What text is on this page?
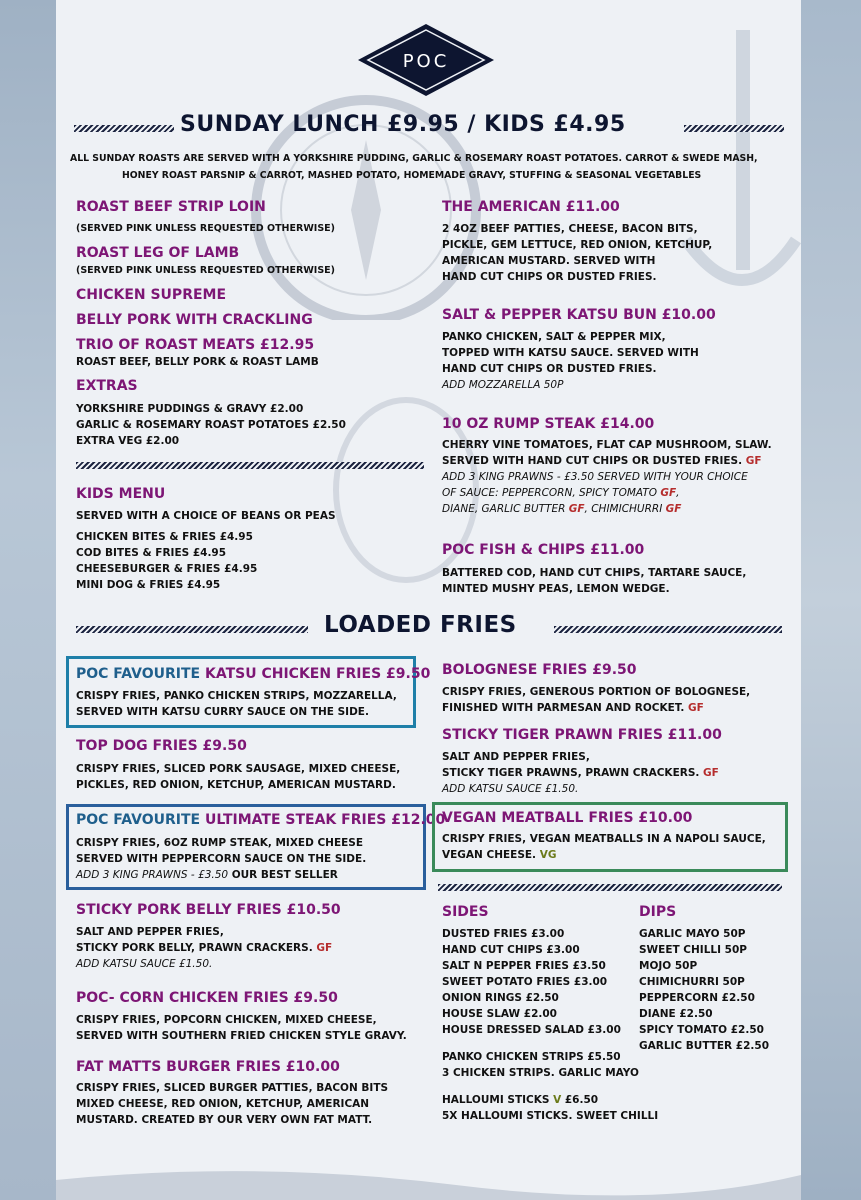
POC
SUNDAY LUNCH £9.95 / KIDS £4.95
ALL SUNDAY ROASTS ARE SERVED WITH A YORKSHIRE PUDDING, GARLIC & ROSEMARY ROAST POTATOES. CARROT & SWEDE MASH,
HONEY ROAST PARSNIP & CARROT, MASHED POTATO, HOMEMADE GRAVY, STUFFING & SEASONAL VEGETABLES
ROAST BEEF STRIP LOIN
(SERVED PINK UNLESS REQUESTED OTHERWISE)
ROAST LEG OF LAMB
(SERVED PINK UNLESS REQUESTED OTHERWISE)
CHICKEN SUPREME
BELLY PORK WITH CRACKLING
TRIO OF ROAST MEATS £12.95
ROAST BEEF, BELLY PORK & ROAST LAMB
EXTRAS
YORKSHIRE PUDDINGS & GRAVY £2.00
GARLIC & ROSEMARY ROAST POTATOES £2.50
EXTRA VEG £2.00
KIDS MENU
SERVED WITH A CHOICE OF BEANS OR PEAS
CHICKEN BITES & FRIES £4.95
COD BITES & FRIES £4.95
CHEESEBURGER & FRIES £4.95
MINI DOG & FRIES £4.95
THE AMERICAN £11.00
2 4OZ BEEF PATTIES, CHEESE, BACON BITS,
PICKLE, GEM LETTUCE, RED ONION, KETCHUP,
AMERICAN MUSTARD. SERVED WITH
HAND CUT CHIPS OR DUSTED FRIES.
SALT & PEPPER KATSU BUN £10.00
PANKO CHICKEN, SALT & PEPPER MIX,
TOPPED WITH KATSU SAUCE. SERVED WITH
HAND CUT CHIPS OR DUSTED FRIES.
ADD MOZZARELLA 50P
10 OZ RUMP STEAK £14.00
CHERRY VINE TOMATOES, FLAT CAP MUSHROOM, SLAW.
SERVED WITH HAND CUT CHIPS OR DUSTED FRIES. GF
ADD 3 KING PRAWNS - £3.50 SERVED WITH YOUR CHOICE
OF SAUCE: PEPPERCORN, SPICY TOMATO GF,
DIANE, GARLIC BUTTER GF, CHIMICHURRI GF
POC FISH & CHIPS £11.00
BATTERED COD, HAND CUT CHIPS, TARTARE SAUCE,
MINTED MUSHY PEAS, LEMON WEDGE.
LOADED FRIES
POC FAVOURITE KATSU CHICKEN FRIES £9.50
CRISPY FRIES, PANKO CHICKEN STRIPS, MOZZARELLA,
SERVED WITH KATSU CURRY SAUCE ON THE SIDE.
TOP DOG FRIES £9.50
CRISPY FRIES, SLICED PORK SAUSAGE, MIXED CHEESE,
PICKLES, RED ONION, KETCHUP, AMERICAN MUSTARD.
POC FAVOURITE ULTIMATE STEAK FRIES £12.00
CRISPY FRIES, 6OZ RUMP STEAK, MIXED CHEESE
SERVED WITH PEPPERCORN SAUCE ON THE SIDE.
ADD 3 KING PRAWNS - £3.50 OUR BEST SELLER
STICKY PORK BELLY FRIES £10.50
SALT AND PEPPER FRIES,
STICKY PORK BELLY, PRAWN CRACKERS. GF
ADD KATSU SAUCE £1.50.
POC- CORN CHICKEN FRIES £9.50
CRISPY FRIES, POPCORN CHICKEN, MIXED CHEESE,
SERVED WITH SOUTHERN FRIED CHICKEN STYLE GRAVY.
FAT MATTS BURGER FRIES £10.00
CRISPY FRIES, SLICED BURGER PATTIES, BACON BITS
MIXED CHEESE, RED ONION, KETCHUP, AMERICAN
MUSTARD. CREATED BY OUR VERY OWN FAT MATT.
BOLOGNESE FRIES £9.50
CRISPY FRIES, GENEROUS PORTION OF BOLOGNESE,
FINISHED WITH PARMESAN AND ROCKET. GF
STICKY TIGER PRAWN FRIES £11.00
SALT AND PEPPER FRIES,
STICKY TIGER PRAWNS, PRAWN CRACKERS. GF
ADD KATSU SAUCE £1.50.
VEGAN MEATBALL FRIES £10.00
CRISPY FRIES, VEGAN MEATBALLS IN A NAPOLI SAUCE,
VEGAN CHEESE. VG
SIDES
DUSTED FRIES £3.00
HAND CUT CHIPS £3.00
SALT N PEPPER FRIES £3.50
SWEET POTATO FRIES £3.00
ONION RINGS £2.50
HOUSE SLAW £2.00
HOUSE DRESSED SALAD £3.00
PANKO CHICKEN STRIPS £5.50
3 CHICKEN STRIPS. GARLIC MAYO
HALLOUMI STICKS V £6.50
5X HALLOUMI STICKS. SWEET CHILLI
DIPS
GARLIC MAYO 50P
SWEET CHILLI 50P
MOJO 50P
CHIMICHURRI 50P
PEPPERCORN £2.50
DIANE £2.50
SPICY TOMATO £2.50
GARLIC BUTTER £2.50
